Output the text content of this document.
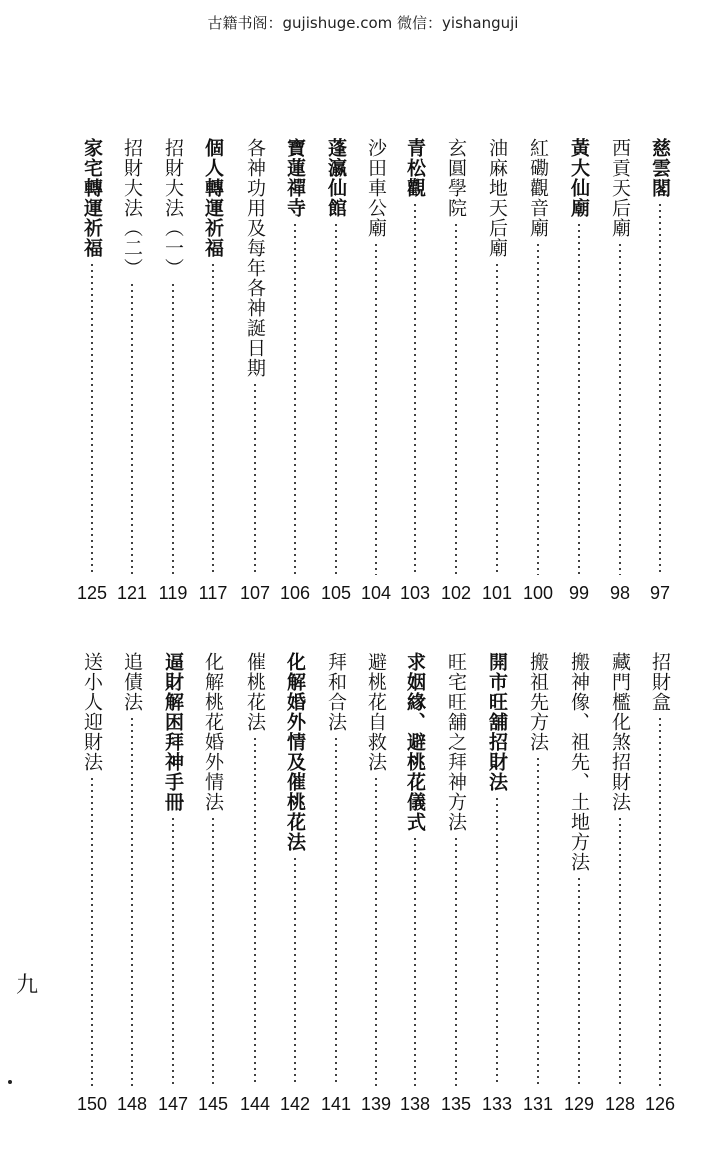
古籍书阁：gujishuge.com 微信：yishanguji
慈雲閣
97
西貢天后廟
98
黃大仙廟
99
紅磡觀音廟
100
油麻地天后廟
101
玄圓學院
102
青松觀
103
沙田車公廟
104
蓬瀛仙館
105
寶蓮禪寺
106
各神功用及每年各神誕日期
107
個人轉運祈福
117
招財大法（一）
119
招財大法（二）
121
家宅轉運祈福
125
招財盒
126
藏門檻化煞招財法
128
搬神像、祖先、土地方法
129
搬祖先方法
131
開市旺舖招財法
133
旺宅旺舖之拜神方法
135
求姻緣、避桃花儀式
138
避桃花自救法
139
拜和合法
141
化解婚外情及催桃花法
142
催桃花法
144
化解桃花婚外情法
145
逼財解困拜神手冊
147
追債法
148
送小人迎財法
150
九
